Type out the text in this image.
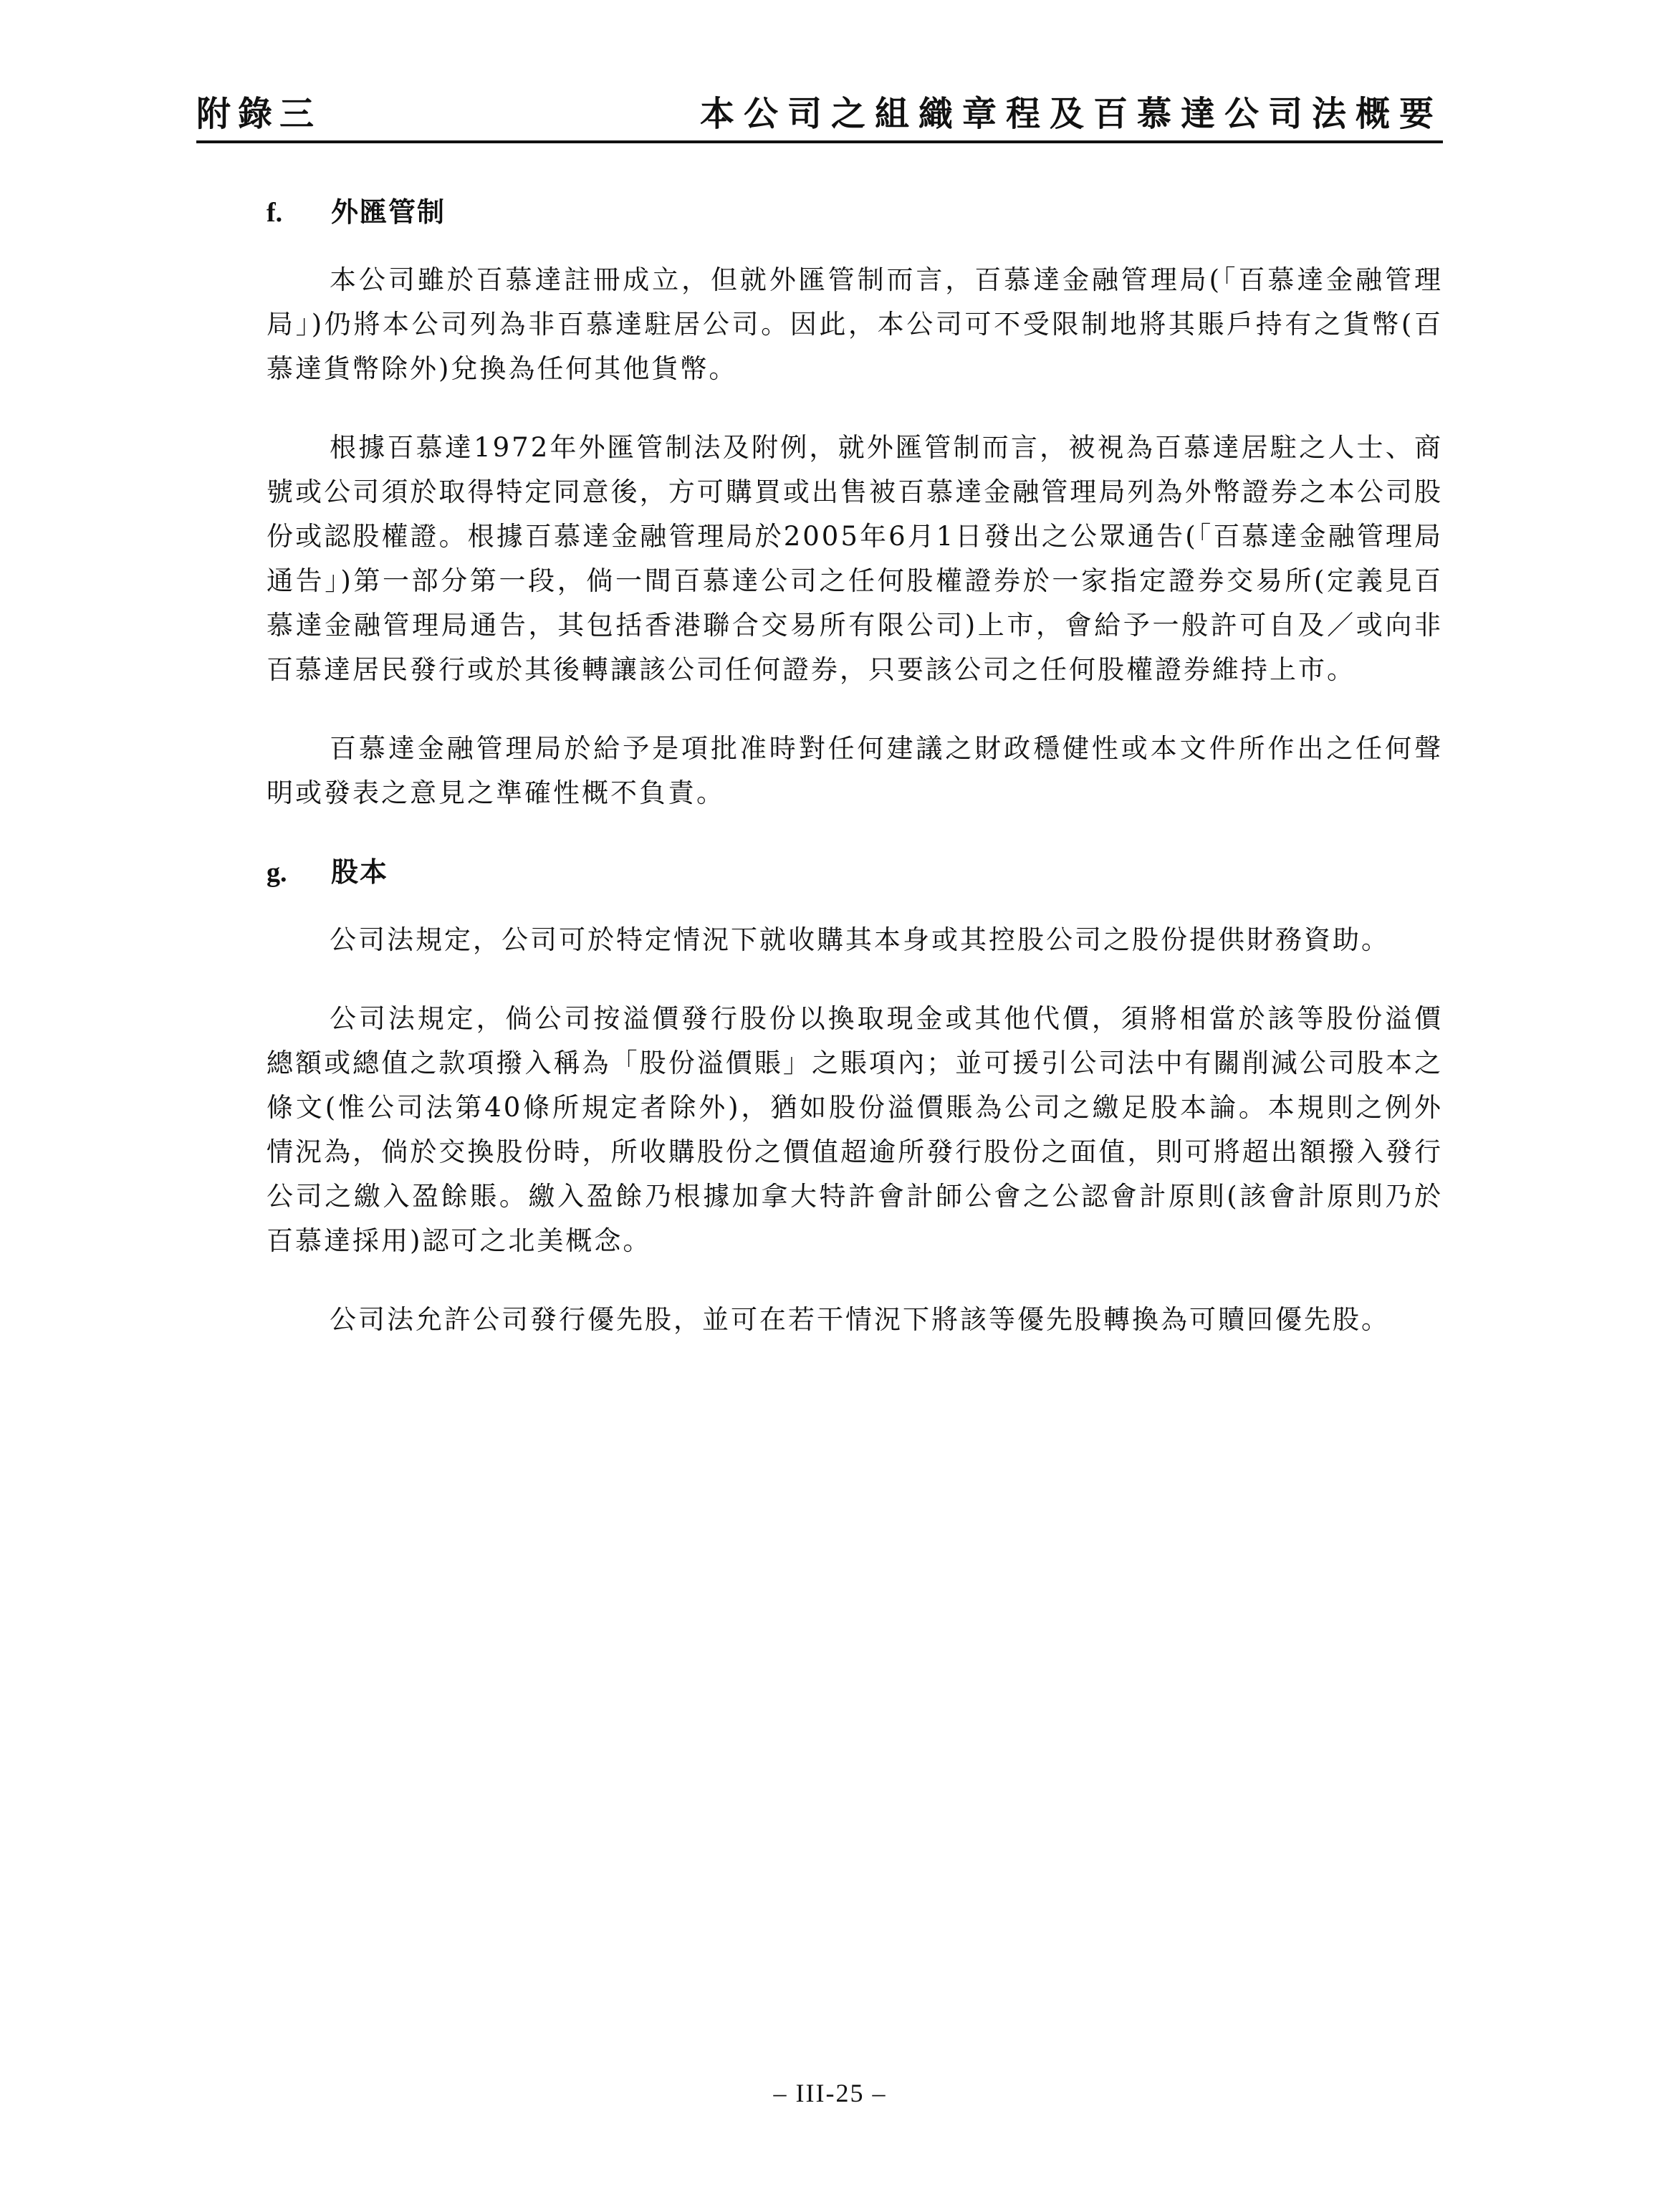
附錄三	本公司之組織章程及百慕達公司法概要
f.	外匯管制

本公司雖於百慕達註冊成立，但就外匯管制而言，百慕達金融管理局(「百慕達金融管理局」)仍將本公司列為非百慕達駐居公司。因此，本公司可不受限制地將其賬戶持有之貨幣(百慕達貨幣除外)兌換為任何其他貨幣。

根據百慕達1972年外匯管制法及附例，就外匯管制而言，被視為百慕達居駐之人士、商號或公司須於取得特定同意後，方可購買或出售被百慕達金融管理局列為外幣證券之本公司股份或認股權證。根據百慕達金融管理局於2005年6月1日發出之公眾通告(「百慕達金融管理局通告」)第一部分第一段，倘一間百慕達公司之任何股權證券於一家指定證券交易所(定義見百慕達金融管理局通告，其包括香港聯合交易所有限公司)上市，會給予一般許可自及／或向非百慕達居民發行或於其後轉讓該公司任何證券，只要該公司之任何股權證券維持上市。

百慕達金融管理局於給予是項批准時對任何建議之財政穩健性或本文件所作出之任何聲明或發表之意見之準確性概不負責。

g.	股本

公司法規定，公司可於特定情況下就收購其本身或其控股公司之股份提供財務資助。

公司法規定，倘公司按溢價發行股份以換取現金或其他代價，須將相當於該等股份溢價總額或總值之款項撥入稱為「股份溢價賬」之賬項內；並可援引公司法中有關削減公司股本之條文(惟公司法第40條所規定者除外)，猶如股份溢價賬為公司之繳足股本論。本規則之例外情況為，倘於交換股份時，所收購股份之價值超逾所發行股份之面值，則可將超出額撥入發行公司之繳入盈餘賬。繳入盈餘乃根據加拿大特許會計師公會之公認會計原則(該會計原則乃於百慕達採用)認可之北美概念。

公司法允許公司發行優先股，並可在若干情況下將該等優先股轉換為可贖回優先股。

– III-25 –
